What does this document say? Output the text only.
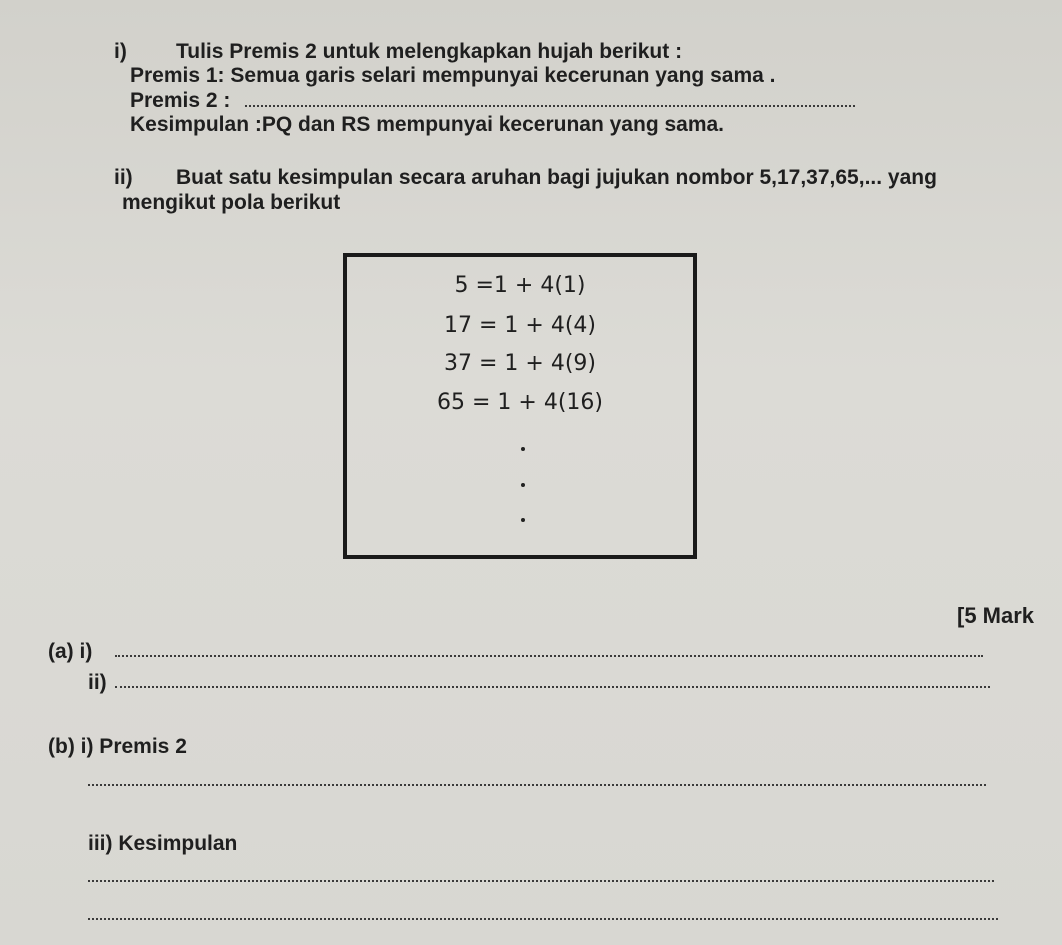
i) Tulis Premis 2 untuk melengkapkan hujah berikut :
Premis 1: Semua garis selari mempunyai kecerunan yang sama .
Premis 2 :
Kesimpulan :PQ dan RS mempunyai kecerunan yang sama.
ii) Buat satu kesimpulan secara aruhan bagi jujukan nombor 5,17,37,65,... yang
mengikut pola berikut
5 =1 + 4(1)
17 = 1 + 4(4)
37 = 1 + 4(9)
65 = 1 + 4(16)
[5 Mark
(a) i)
ii)
(b) i) Premis 2
iii) Kesimpulan
